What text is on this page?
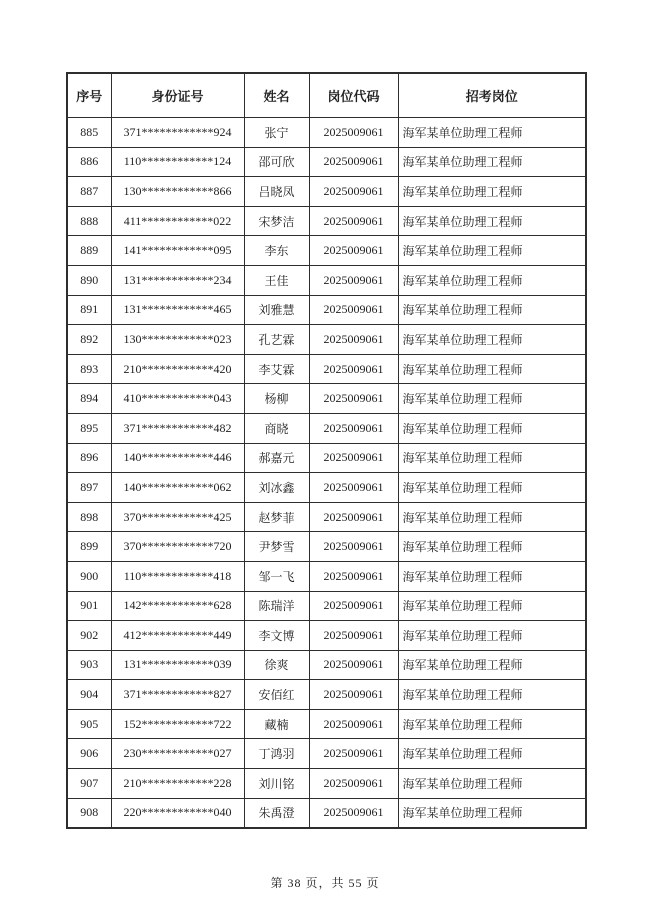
序号	身份证号	姓名	岗位代码	招考岗位
885	371************924	张宁	2025009061	海军某单位助理工程师
886	110************124	邵可欣	2025009061	海军某单位助理工程师
887	130************866	吕晓凤	2025009061	海军某单位助理工程师
888	411************022	宋梦洁	2025009061	海军某单位助理工程师
889	141************095	李东	2025009061	海军某单位助理工程师
890	131************234	王佳	2025009061	海军某单位助理工程师
891	131************465	刘雅慧	2025009061	海军某单位助理工程师
892	130************023	孔艺霖	2025009061	海军某单位助理工程师
893	210************420	李艾霖	2025009061	海军某单位助理工程师
894	410************043	杨柳	2025009061	海军某单位助理工程师
895	371************482	商晓	2025009061	海军某单位助理工程师
896	140************446	郝嘉元	2025009061	海军某单位助理工程师
897	140************062	刘冰鑫	2025009061	海军某单位助理工程师
898	370************425	赵梦菲	2025009061	海军某单位助理工程师
899	370************720	尹梦雪	2025009061	海军某单位助理工程师
900	110************418	邹一飞	2025009061	海军某单位助理工程师
901	142************628	陈瑞洋	2025009061	海军某单位助理工程师
902	412************449	李文博	2025009061	海军某单位助理工程师
903	131************039	徐爽	2025009061	海军某单位助理工程师
904	371************827	安佰红	2025009061	海军某单位助理工程师
905	152************722	藏楠	2025009061	海军某单位助理工程师
906	230************027	丁鸿羽	2025009061	海军某单位助理工程师
907	210************228	刘川铭	2025009061	海军某单位助理工程师
908	220************040	朱禹澄	2025009061	海军某单位助理工程师
第 38 页，共 55 页
